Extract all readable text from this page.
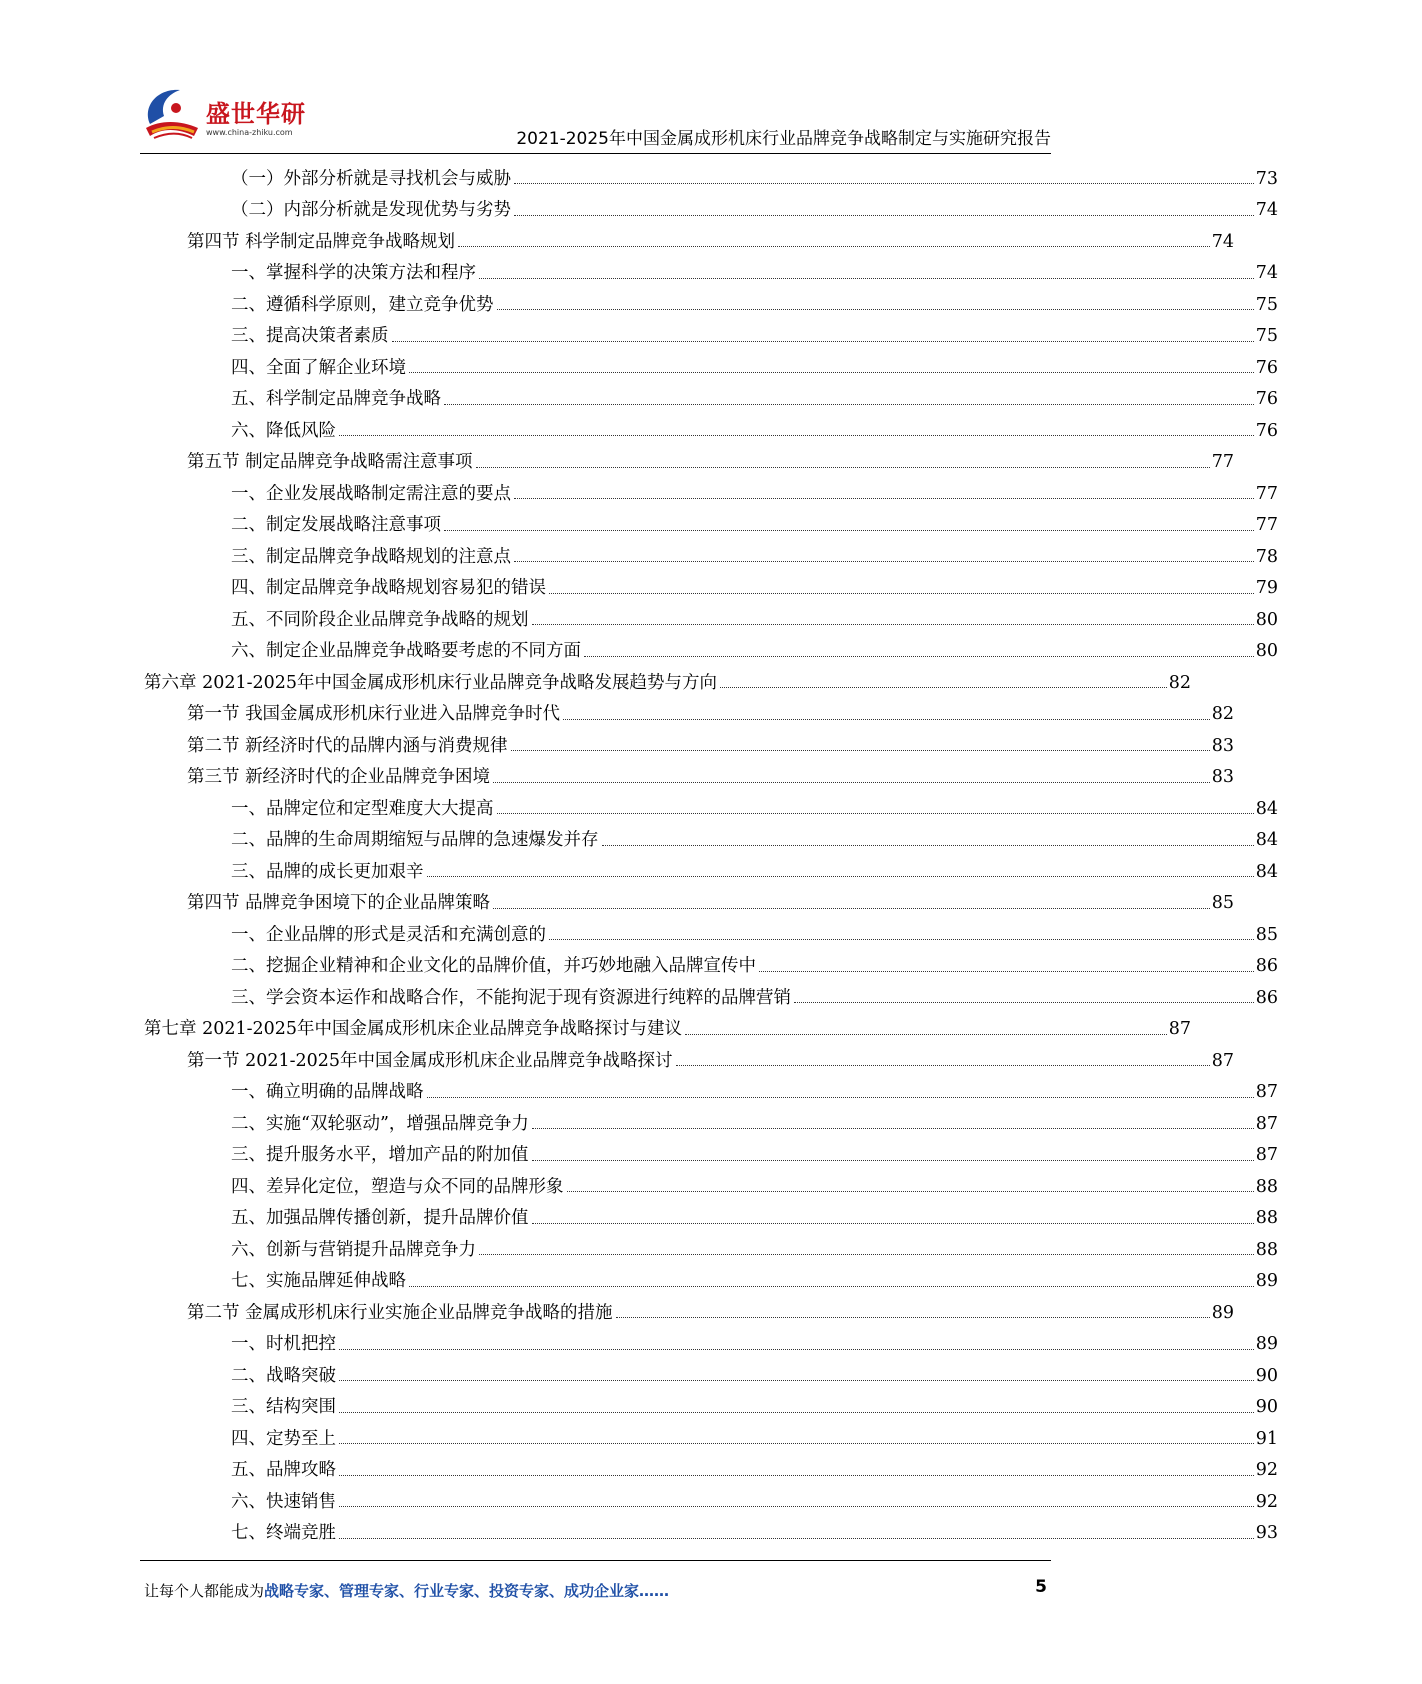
盛世华研
www.china-zhiku.com	2021-2025年中国金属成形机床行业品牌竞争战略制定与实施研究报告
（一）外部分析就是寻找机会与威胁	73
（二）内部分析就是发现优势与劣势	74
第四节 科学制定品牌竞争战略规划	74
一、掌握科学的决策方法和程序	74
二、遵循科学原则，建立竞争优势	75
三、提高决策者素质	75
四、全面了解企业环境	76
五、科学制定品牌竞争战略	76
六、降低风险	76
第五节 制定品牌竞争战略需注意事项	77
一、企业发展战略制定需注意的要点	77
二、制定发展战略注意事项	77
三、制定品牌竞争战略规划的注意点	78
四、制定品牌竞争战略规划容易犯的错误	79
五、不同阶段企业品牌竞争战略的规划	80
六、制定企业品牌竞争战略要考虑的不同方面	80
第六章 2021-2025年中国金属成形机床行业品牌竞争战略发展趋势与方向	82
第一节 我国金属成形机床行业进入品牌竞争时代	82
第二节 新经济时代的品牌内涵与消费规律	83
第三节 新经济时代的企业品牌竞争困境	83
一、品牌定位和定型难度大大提高	84
二、品牌的生命周期缩短与品牌的急速爆发并存	84
三、品牌的成长更加艰辛	84
第四节 品牌竞争困境下的企业品牌策略	85
一、企业品牌的形式是灵活和充满创意的	85
二、挖掘企业精神和企业文化的品牌价值，并巧妙地融入品牌宣传中	86
三、学会资本运作和战略合作，不能拘泥于现有资源进行纯粹的品牌营销	86
第七章 2021-2025年中国金属成形机床企业品牌竞争战略探讨与建议	87
第一节 2021-2025年中国金属成形机床企业品牌竞争战略探讨	87
一、确立明确的品牌战略	87
二、实施“双轮驱动”，增强品牌竞争力	87
三、提升服务水平，增加产品的附加值	87
四、差异化定位，塑造与众不同的品牌形象	88
五、加强品牌传播创新，提升品牌价值	88
六、创新与营销提升品牌竞争力	88
七、实施品牌延伸战略	89
第二节 金属成形机床行业实施企业品牌竞争战略的措施	89
一、时机把控	89
二、战略突破	90
三、结构突围	90
四、定势至上	91
五、品牌攻略	92
六、快速销售	92
七、终端竞胜	93
让每个人都能成为战略专家、管理专家、行业专家、投资专家、成功企业家……	5
